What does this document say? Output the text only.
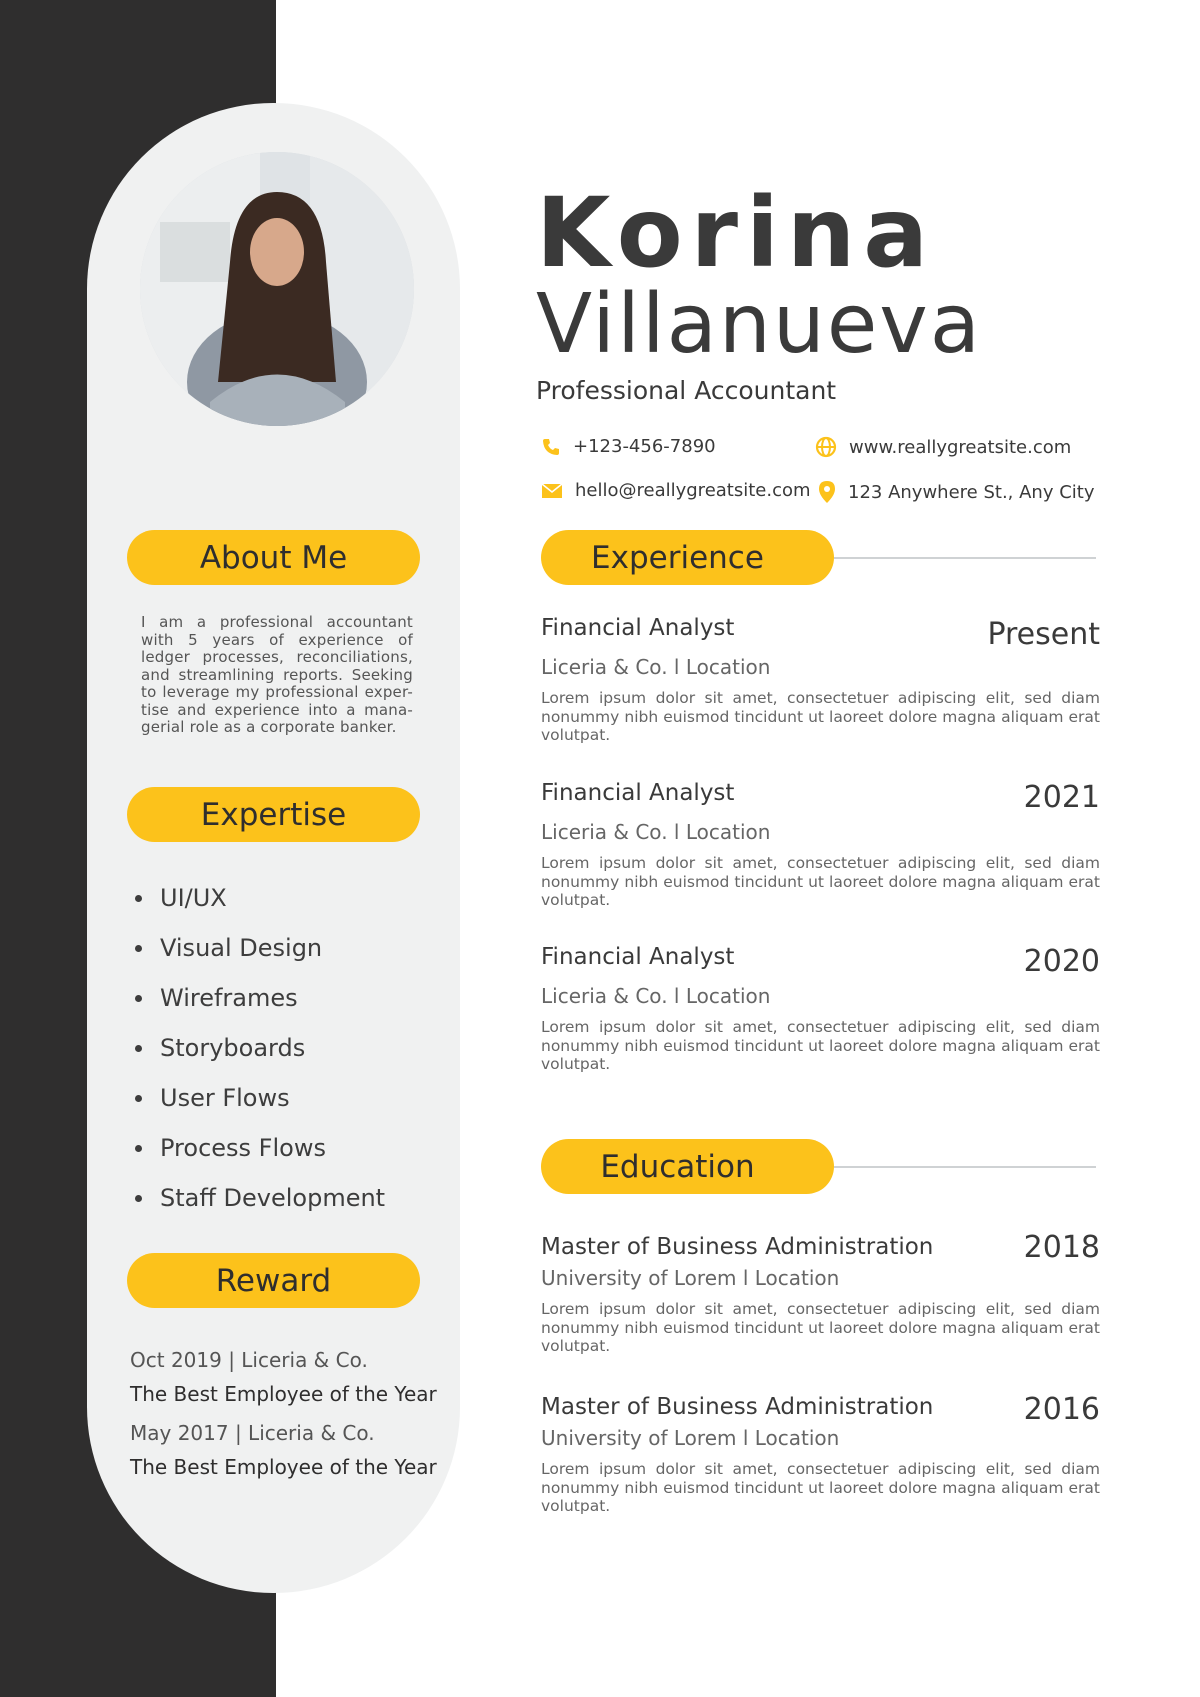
About Me
I am a professional accountant with 5 years of experience of ledger processes, reconciliations, and streamlining reports. Seeking to leverage my professional exper-tise and experience into a mana-gerial role as a corporate banker.
Expertise
UI/UX
Visual Design
Wireframes
Storyboards
User Flows
Process Flows
Staff Development
Reward
Oct 2019 | Liceria & Co.
The Best Employee of the Year
May 2017 | Liceria & Co.
The Best Employee of the Year
Korina
Villanueva
Professional Accountant
+123-456-7890	www.reallygreatsite.com
hello@reallygreatsite.com 123 Anywhere St., Any City
Experience
Present
Financial Analyst
Liceria & Co. l Location
Lorem ipsum dolor sit amet, consectetuer adipiscing elit, sed diam nonummy nibh euismod tincidunt ut laoreet dolore magna aliquam erat volutpat.
2021
Financial Analyst
Liceria & Co. l Location
Lorem ipsum dolor sit amet, consectetuer adipiscing elit, sed diam nonummy nibh euismod tincidunt ut laoreet dolore magna aliquam erat volutpat.
2020
Financial Analyst
Liceria & Co. l Location
Lorem ipsum dolor sit amet, consectetuer adipiscing elit, sed diam nonummy nibh euismod tincidunt ut laoreet dolore magna aliquam erat volutpat.
Education
2018
Master of Business Administration
University of Lorem l Location
Lorem ipsum dolor sit amet, consectetuer adipiscing elit, sed diam nonummy nibh euismod tincidunt ut laoreet dolore magna aliquam erat volutpat.
2016
Master of Business Administration
University of Lorem l Location
Lorem ipsum dolor sit amet, consectetuer adipiscing elit, sed diam nonummy nibh euismod tincidunt ut laoreet dolore magna aliquam erat volutpat.
